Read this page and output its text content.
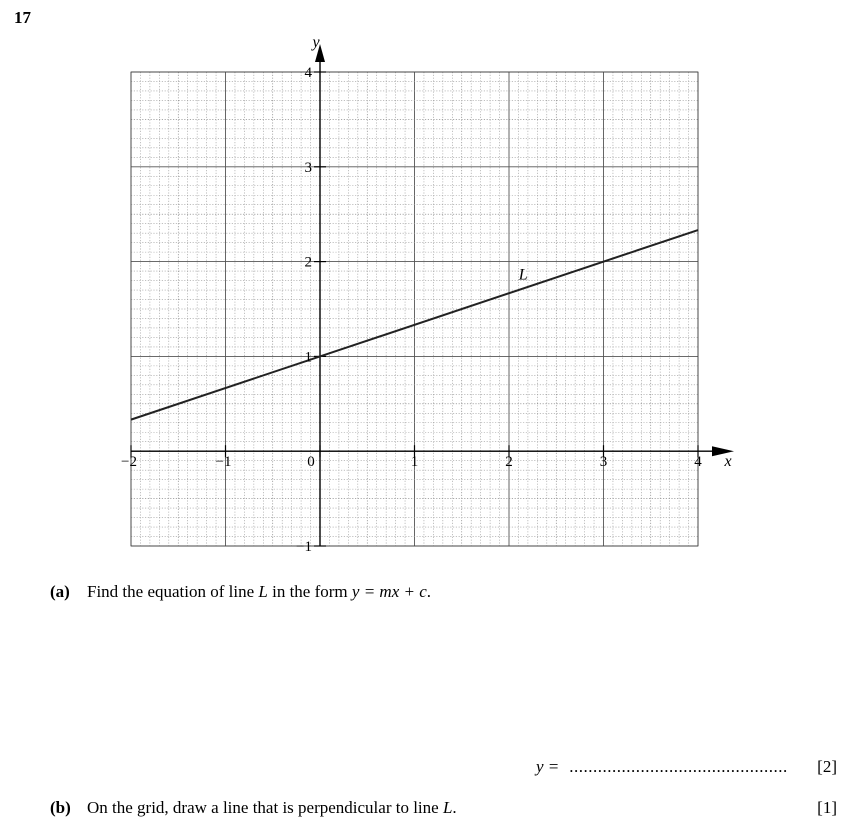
17
−2	−1	0	1	2	3	4
−1
1
2
3
4
x
y
L
(a) Find the equation of line L in the form y = mx + c.
y = .............................................. [2]
(b) On the grid, draw a line that is perpendicular to line L.	[1]
